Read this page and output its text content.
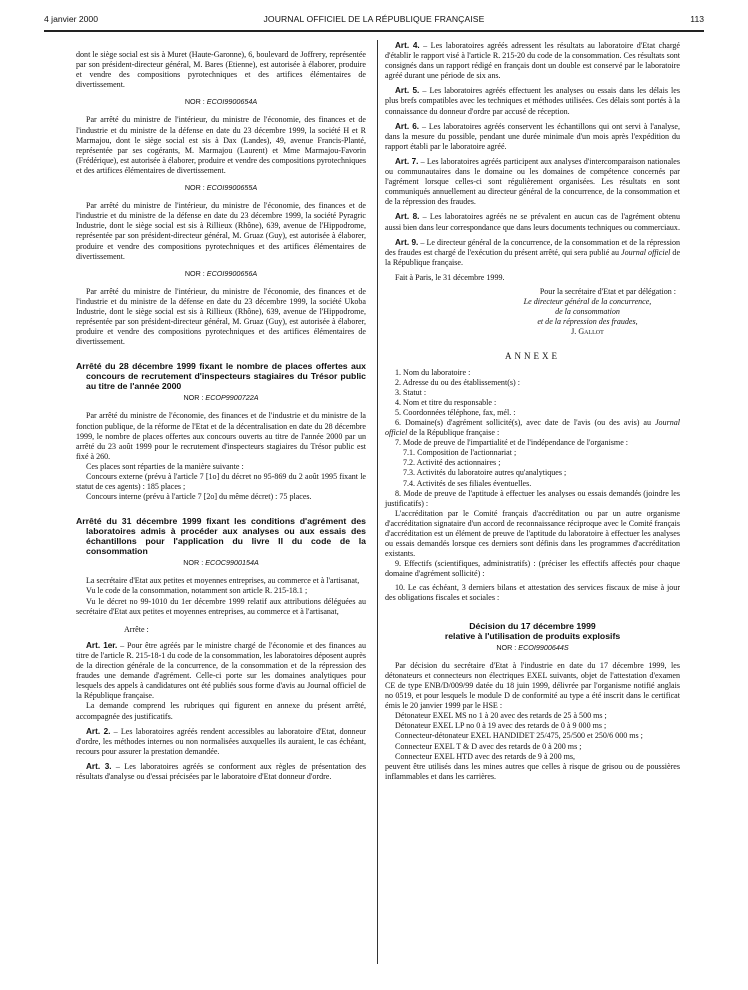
4 janvier 2000	JOURNAL OFFICIEL DE LA RÉPUBLIQUE FRANÇAISE	113

dont le siège social est sis à Muret (Haute-Garonne), 6, boulevard de Joffrery, représentée par son président-directeur général, M. Bares (Etienne), est autorisée à élaborer, produire et vendre des compositions pyrotechniques et des artifices élémentaires de divertissement.

NOR : ECOI9900654A

Par arrêté du ministre de l'intérieur, du ministre de l'économie, des finances et de l'industrie et du ministre de la défense en date du 23 décembre 1999, la société H et R Marmajou, dont le siège social est sis à Dax (Landes), 49, avenue Francis-Planté, représentée par ses cogérants, M. Marmajou (Laurent) et Mme Marmajou-Favorin (Frédérique), est autorisée à élaborer, produire et vendre des compositions pyrotechniques et des artifices élémentaires de divertissement.

NOR : ECOI9900655A

Par arrêté du ministre de l'intérieur, du ministre de l'économie, des finances et de l'industrie et du ministre de la défense en date du 23 décembre 1999, la société Pyragric Industrie, dont le siège social est sis à Rillieux (Rhône), 639, avenue de l'Hippodrome, représentée par son président-directeur général, M. Gruaz (Guy), est autorisée à élaborer, produire et vendre des compositions pyrotechniques et des artifices élémentaires de divertissement.

NOR : ECOI9900656A

Par arrêté du ministre de l'intérieur, du ministre de l'économie, des finances et de l'industrie et du ministre de la défense en date du 23 décembre 1999, la société Ukoba Industrie, dont le siège social est sis à Rillieux (Rhône), 639, avenue de l'Hippodrome, représentée par son président-directeur général, M. Gruaz (Guy), est autorisée à élaborer, produire et vendre des compositions pyrotechniques et des artifices élémentaires de divertissement.

Arrêté du 28 décembre 1999 fixant le nombre de places offertes aux concours de recrutement d'inspecteurs stagiaires du Trésor public au titre de l'année 2000
NOR : ECOP9900722A

Par arrêté du ministre de l'économie, des finances et de l'industrie et du ministre de la fonction publique, de la réforme de l'Etat et de la décentralisation en date du 28 décembre 1999, le nombre de places offertes aux concours ouverts au titre de l'année 2000 par un arrêté du 23 août 1999 pour le recrutement d'inspecteurs stagiaires du Trésor public est fixé à 260.

Ces places sont réparties de la manière suivante :

Concours externe (prévu à l'article 7 [1o] du décret no 95-869 du 2 août 1995 fixant le statut de ces agents) : 185 places ;

Concours interne (prévu à l'article 7 [2o] du même décret) : 75 places.

Arrêté du 31 décembre 1999 fixant les conditions d'agrément des laboratoires admis à procéder aux analyses ou aux essais des échantillons pour l'application du livre II du code de la consommation
NOR : ECOC9900154A

La secrétaire d'Etat aux petites et moyennes entreprises, au commerce et à l'artisanat,

Vu le code de la consommation, notamment son article R. 215-18.1 ;

Vu le décret no 99-1010 du 1er décembre 1999 relatif aux attributions déléguées au secrétaire d'Etat aux petites et moyennes entreprises, au commerce et à l'artisanat,

Arrête :

Art. 1er. – Pour être agréés par le ministre chargé de l'économie et des finances au titre de l'article R. 215-18-1 du code de la consommation, les laboratoires déposent auprès de la direction générale de la concurrence, de la consommation et de la répression des fraudes une demande d'agrément. Celle-ci porte sur les domaines analytiques pour lesquels des appels à candidatures ont été publiés sous forme d'avis au Journal officiel de la République française.

La demande comprend les rubriques qui figurent en annexe du présent arrêté, accompagnée des justificatifs.

Art. 2. – Les laboratoires agréés rendent accessibles au laboratoire d'Etat, donneur d'ordre, les méthodes internes ou non normalisées auxquelles ils auraient, le cas échéant, recours pour assurer la prestation demandée.

Art. 3. – Les laboratoires agréés se conforment aux règles de présentation des résultats d'analyse ou d'essai précisées par le laboratoire d'Etat donneur d'ordre.

Art. 4. – Les laboratoires agréés adressent les résultats au laboratoire d'Etat chargé d'établir le rapport visé à l'article R. 215-20 du code de la consommation. Ces résultats sont consignés dans un rapport rédigé en français dont un double est conservé par le laboratoire agréé durant une période de six ans.

Art. 5. – Les laboratoires agréés effectuent les analyses ou essais dans les délais les plus brefs compatibles avec les techniques et méthodes utilisées. Ces délais sont portés à la connaissance du donneur d'ordre par accusé de réception.

Art. 6. – Les laboratoires agréés conservent les échantillons qui ont servi à l'analyse, dans la mesure du possible, pendant une durée minimale d'un mois après l'expédition du rapport établi par le laboratoire agréé.

Art. 7. – Les laboratoires agréés participent aux analyses d'intercomparaison nationales ou communautaires dans le domaine ou les domaines de compétence concernés par l'agrément lorsque celles-ci sont régulièrement organisées. Les résultats en sont communiqués annuellement au directeur général de la concurrence, de la consommation et de la répression des fraudes.

Art. 8. – Les laboratoires agréés ne se prévalent en aucun cas de l'agrément obtenu aussi bien dans leur correspondance que dans leurs documents techniques ou commerciaux.

Art. 9. – Le directeur général de la concurrence, de la consommation et de la répression des fraudes est chargé de l'exécution du présent arrêté, qui sera publié au Journal officiel de la République française.

Fait à Paris, le 31 décembre 1999.

Pour la secrétaire d'Etat et par délégation :
Le directeur général de la concurrence,
de la consommation
et de la répression des fraudes,
J. Gallot
ANNEXE

1. Nom du laboratoire :

2. Adresse du ou des établissement(s) :

3. Statut :

4. Nom et titre du responsable :

5. Coordonnées téléphone, fax, mél. :

6. Domaine(s) d'agrément sollicité(s), avec date de l'avis (ou des avis) au Journal officiel de la République française :

7. Mode de preuve de l'impartialité et de l'indépendance de l'organisme :

7.1. Composition de l'actionnariat ;

7.2. Activité des actionnaires ;

7.3. Activités du laboratoire autres qu'analytiques ;

7.4. Activités de ses filiales éventuelles.

8. Mode de preuve de l'aptitude à effectuer les analyses ou essais demandés (joindre les justificatifs) :

L'accréditation par le Comité français d'accréditation ou par un autre organisme d'accréditation signataire d'un accord de reconnaissance réciproque avec le Comité français d'accréditation est un élément de preuve de l'aptitude du laboratoire à effectuer les analyses ou essais demandés lorsque ces derniers sont définis dans les programmes d'accréditation existants.

9. Effectifs (scientifiques, administratifs) : (préciser les effectifs affectés pour chaque domaine d'agrément sollicité) :

10. Le cas échéant, 3 derniers bilans et attestation des services fiscaux de mise à jour des obligations fiscales et sociales :

Décision du 17 décembre 1999
relative à l'utilisation de produits explosifs
NOR : ECOI9900644S

Par décision du secrétaire d'Etat à l'industrie en date du 17 décembre 1999, les détonateurs et connecteurs non électriques EXEL suivants, objet de l'attestation d'examen CE de type ENB/D/009/99 datée du 18 juin 1999, délivrée par l'organisme notifié anglais no 0519, et pour lesquels le module D de conformité au type a été inscrit dans le certificat émis le 20 janvier 1999 par le HSE :

Détonateur EXEL MS no 1 à 20 avec des retards de 25 à 500 ms ;

Détonateur EXEL LP no 0 à 19 avec des retards de 0 à 9 000 ms ;

Connecteur-détonateur EXEL HANDIDET 25/475, 25/500 et 250/6 000 ms ;

Connecteur EXEL T & D avec des retards de 0 à 200 ms ;

Connecteur EXEL HTD avec des retards de 9 à 200 ms,

peuvent être utilisés dans les mines autres que celles à risque de grisou ou de poussières inflammables et dans les carrières.
